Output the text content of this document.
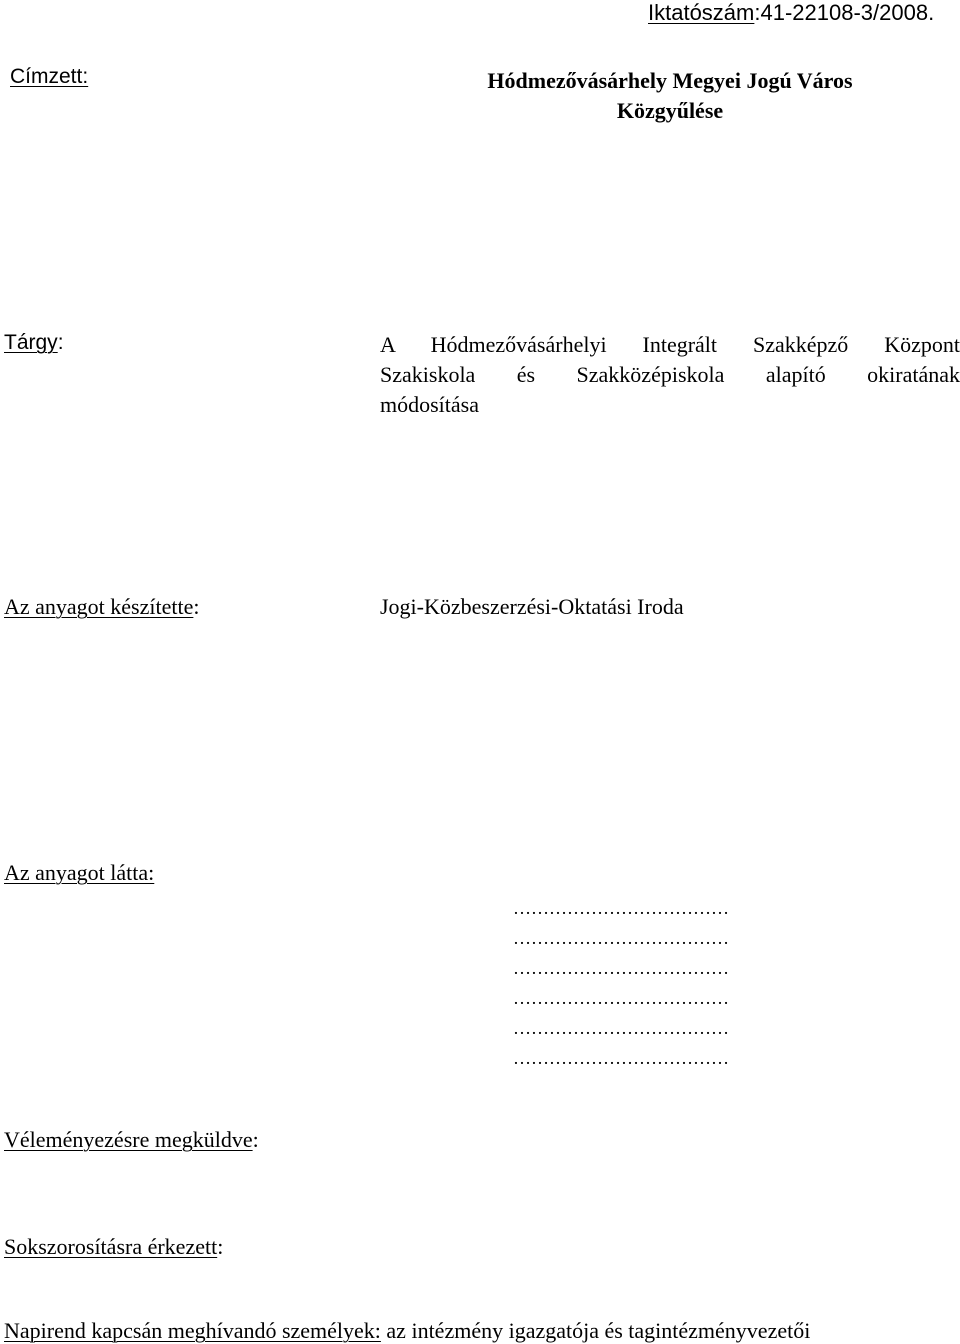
Iktatószám:41-22108-3/2008.
Címzett:	Hódmezővásárhely Megyei Jogú Város
Közgyűlése
Tárgy:	A Hódmezővásárhelyi Integrált Szakképző Központ
Szakiskola és Szakközépiskola alapító okiratának
módosítása
Az anyagot készítette:	Jogi-Közbeszerzési-Oktatási Iroda
Az anyagot látta:
………………………………
………………………………
………………………………
………………………………
………………………………
………………………………
Véleményezésre megküldve:
Sokszorosításra érkezett:
Napirend kapcsán meghívandó személyek: az intézmény igazgatója és tagintézményvezetői
